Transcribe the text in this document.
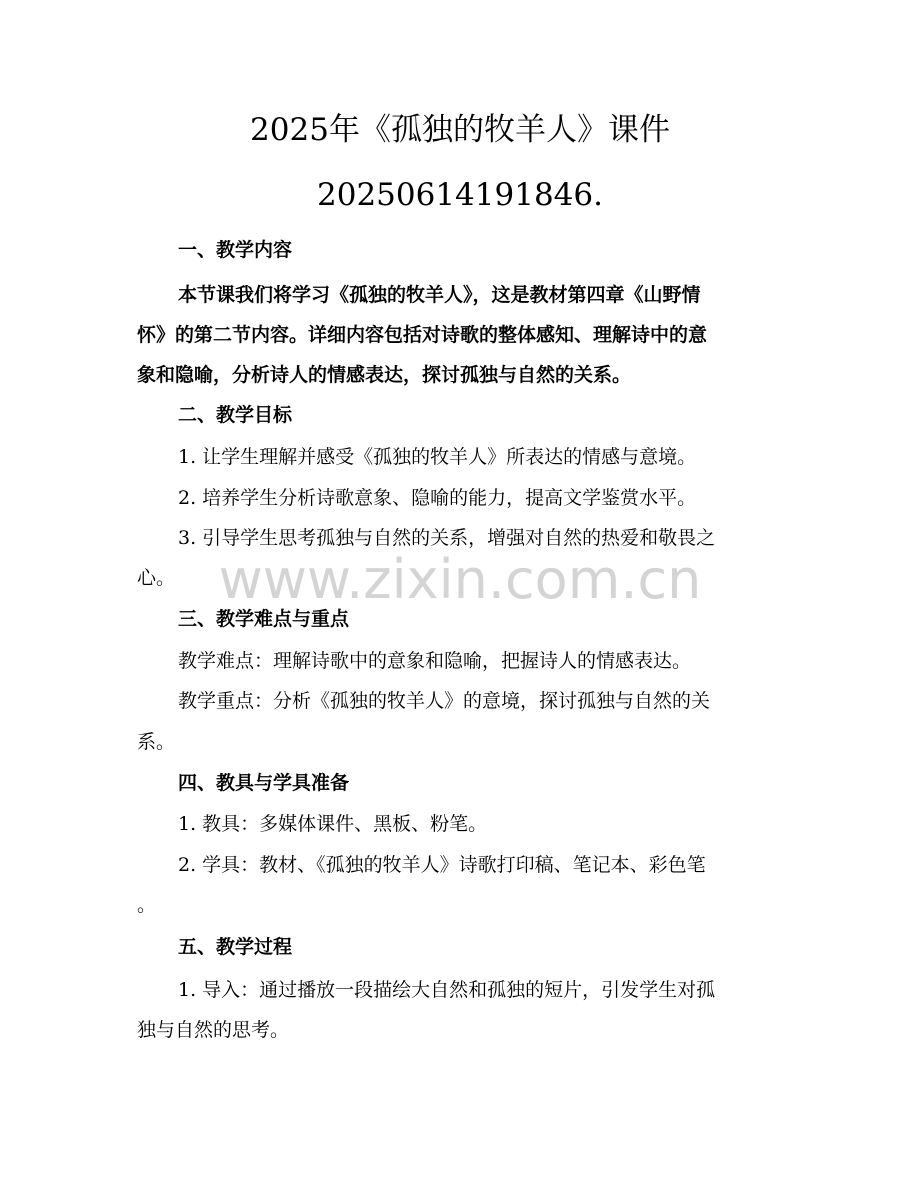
2025年《孤独的牧羊人》课件
20250614191846.
www.zixin.com.cn

一、教学内容

本节课我们将学习《孤独的牧羊人》，这是教材第四章《山野情

怀》的第二节内容。详细内容包括对诗歌的整体感知、理解诗中的意

象和隐喻，分析诗人的情感表达，探讨孤独与自然的关系。

二、教学目标

1. 让学生理解并感受《孤独的牧羊人》所表达的情感与意境。

2. 培养学生分析诗歌意象、隐喻的能力，提高文学鉴赏水平。

3. 引导学生思考孤独与自然的关系，增强对自然的热爱和敬畏之

心。

三、教学难点与重点

教学难点：理解诗歌中的意象和隐喻，把握诗人的情感表达。

教学重点：分析《孤独的牧羊人》的意境，探讨孤独与自然的关

系。

四、教具与学具准备

1. 教具：多媒体课件、黑板、粉笔。

2. 学具：教材、《孤独的牧羊人》诗歌打印稿、笔记本、彩色笔

。

五、教学过程

1. 导入：通过播放一段描绘大自然和孤独的短片，引发学生对孤

独与自然的思考。
